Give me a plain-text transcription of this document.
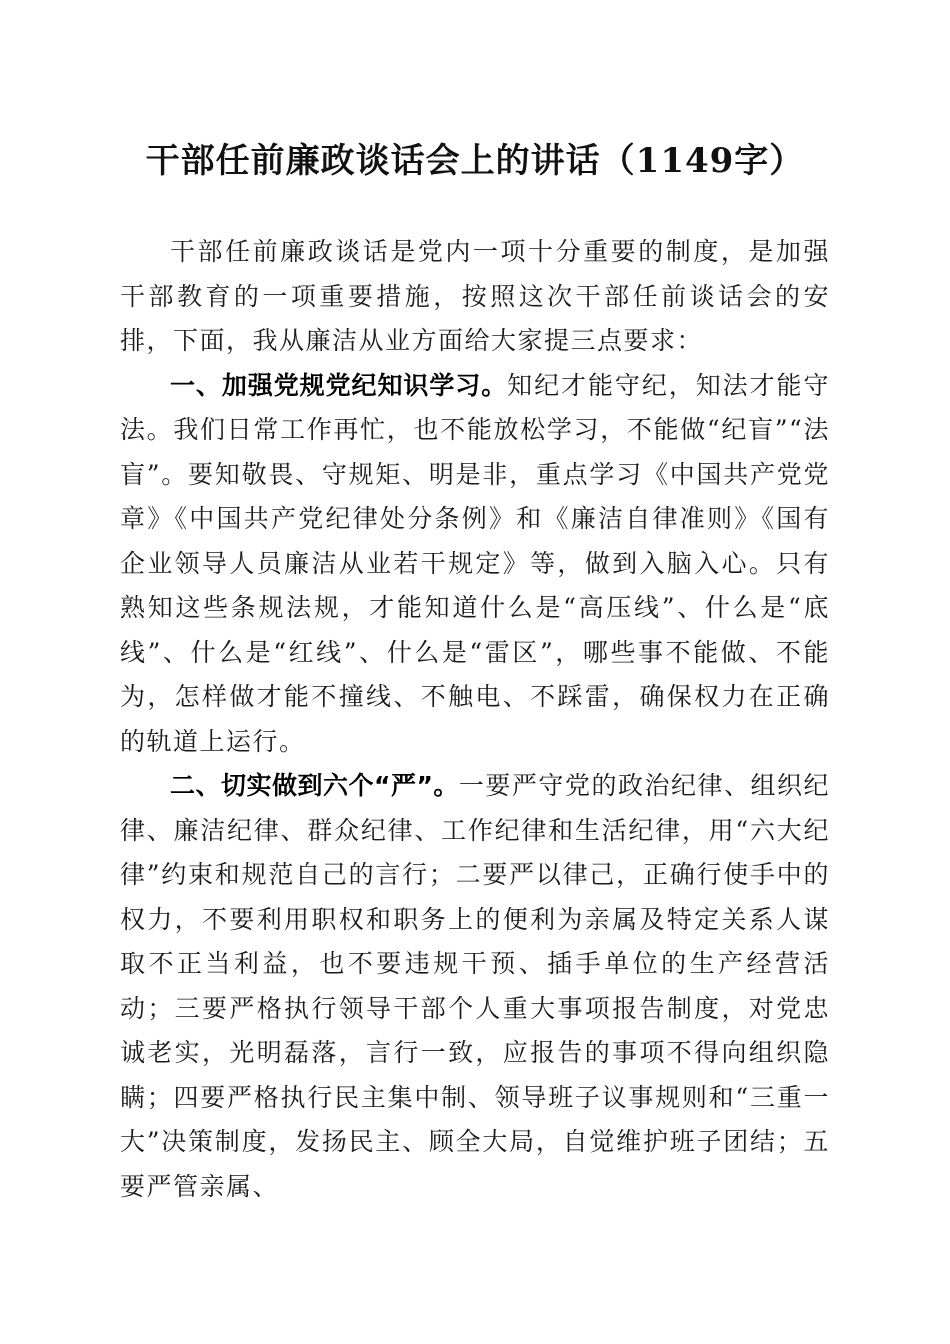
干部任前廉政谈话会上的讲话（1149字）

干部任前廉政谈话是党内一项十分重要的制度，是加强干部教育的一项重要措施，按照这次干部任前谈话会的安排，下面，我从廉洁从业方面给大家提三点要求：

一、加强党规党纪知识学习。知纪才能守纪，知法才能守法。我们日常工作再忙，也不能放松学习，不能做“纪盲”“法盲”。要知敬畏、守规矩、明是非，重点学习《中国共产党党章》《中国共产党纪律处分条例》和《廉洁自律准则》《国有企业领导人员廉洁从业若干规定》等，做到入脑入心。只有熟知这些条规法规，才能知道什么是“高压线”、什么是“底线”、什么是“红线”、什么是“雷区”，哪些事不能做、不能为，怎样做才能不撞线、不触电、不踩雷，确保权力在正确的轨道上运行。

二、切实做到六个“严”。一要严守党的政治纪律、组织纪律、廉洁纪律、群众纪律、工作纪律和生活纪律，用“六大纪律”约束和规范自己的言行；二要严以律己，正确行使手中的权力，不要利用职权和职务上的便利为亲属及特定关系人谋取不正当利益，也不要违规干预、插手单位的生产经营活动；三要严格执行领导干部个人重大事项报告制度，对党忠诚老实，光明磊落，言行一致，应报告的事项不得向组织隐瞒；四要严格执行民主集中制、领导班子议事规则和“三重一大”决策制度，发扬民主、顾全大局，自觉维护班子团结；五要严管亲属、
